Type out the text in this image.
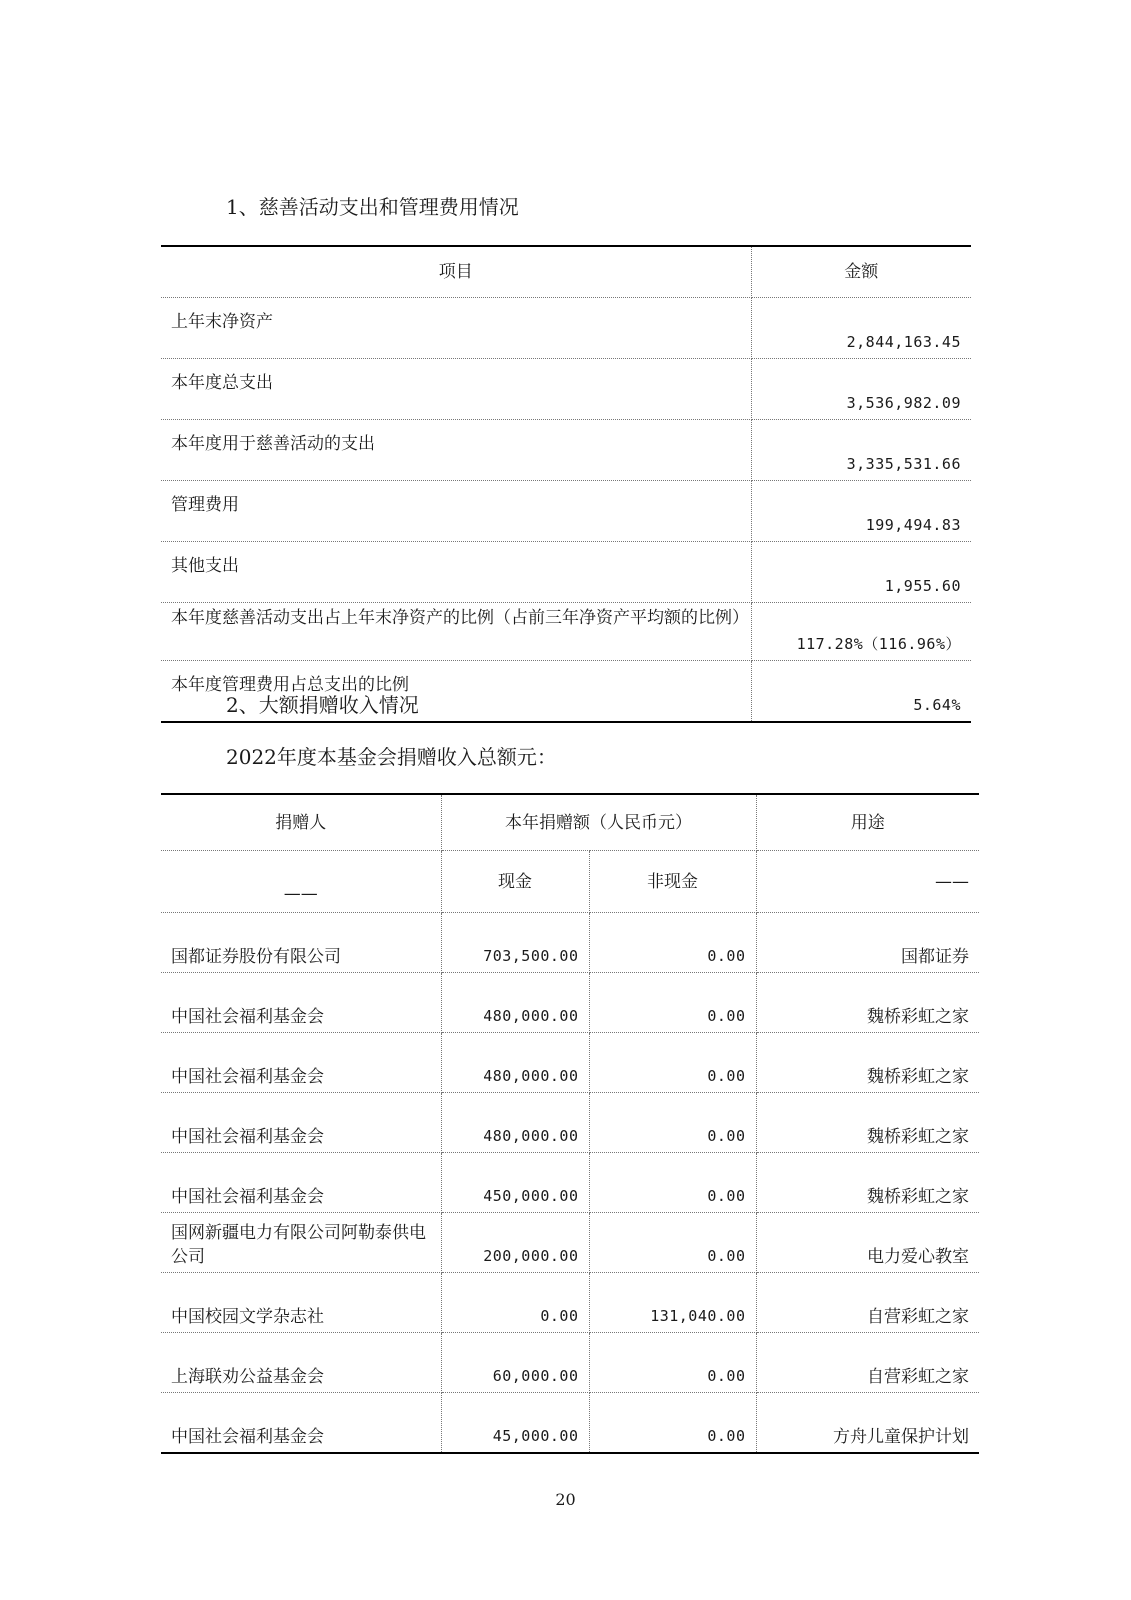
1、慈善活动支出和管理费用情况
项目	金额
上年末净资产	2,844,163.45
本年度总支出	3,536,982.09
本年度用于慈善活动的支出	3,335,531.66
管理费用	199,494.83
其他支出	1,955.60
本年度慈善活动支出占上年末净资产的比例（占前三年净资产平均额的比例）	117.28%（116.96%）
本年度管理费用占总支出的比例	5.64%
2、大额捐赠收入情况
2022年度本基金会捐赠收入总额元：
捐赠人	本年捐赠额（人民币元）		用途
——	现金	非现金	——
国都证券股份有限公司	703,500.00	0.00	国都证券
中国社会福利基金会	480,000.00	0.00	魏桥彩虹之家
中国社会福利基金会	480,000.00	0.00	魏桥彩虹之家
中国社会福利基金会	480,000.00	0.00	魏桥彩虹之家
中国社会福利基金会	450,000.00	0.00	魏桥彩虹之家
国网新疆电力有限公司阿勒泰供电公司	200,000.00	0.00	电力爱心教室
中国校园文学杂志社	0.00	131,040.00	自营彩虹之家
上海联劝公益基金会	60,000.00	0.00	自营彩虹之家
中国社会福利基金会	45,000.00	0.00	方舟儿童保护计划
20
